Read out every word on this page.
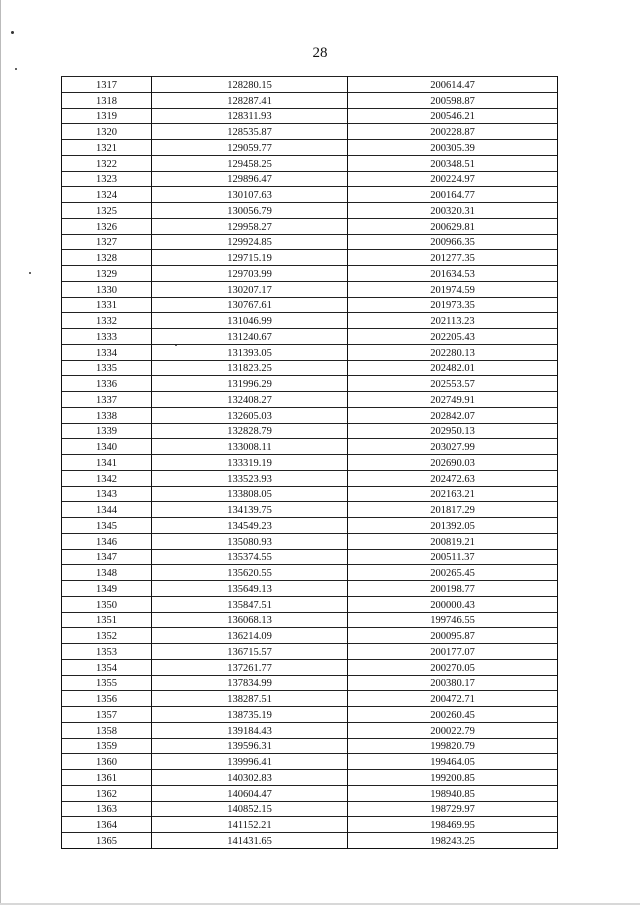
28
1317	128280.15	200614.47
1318	128287.41	200598.87
1319	128311.93	200546.21
1320	128535.87	200228.87
1321	129059.77	200305.39
1322	129458.25	200348.51
1323	129896.47	200224.97
1324	130107.63	200164.77
1325	130056.79	200320.31
1326	129958.27	200629.81
1327	129924.85	200966.35
1328	129715.19	201277.35
1329	129703.99	201634.53
1330	130207.17	201974.59
1331	130767.61	201973.35
1332	131046.99	202113.23
1333	131240.67	202205.43
1334	131393.05	202280.13
1335	131823.25	202482.01
1336	131996.29	202553.57
1337	132408.27	202749.91
1338	132605.03	202842.07
1339	132828.79	202950.13
1340	133008.11	203027.99
1341	133319.19	202690.03
1342	133523.93	202472.63
1343	133808.05	202163.21
1344	134139.75	201817.29
1345	134549.23	201392.05
1346	135080.93	200819.21
1347	135374.55	200511.37
1348	135620.55	200265.45
1349	135649.13	200198.77
1350	135847.51	200000.43
1351	136068.13	199746.55
1352	136214.09	200095.87
1353	136715.57	200177.07
1354	137261.77	200270.05
1355	137834.99	200380.17
1356	138287.51	200472.71
1357	138735.19	200260.45
1358	139184.43	200022.79
1359	139596.31	199820.79
1360	139996.41	199464.05
1361	140302.83	199200.85
1362	140604.47	198940.85
1363	140852.15	198729.97
1364	141152.21	198469.95
1365	141431.65	198243.25
